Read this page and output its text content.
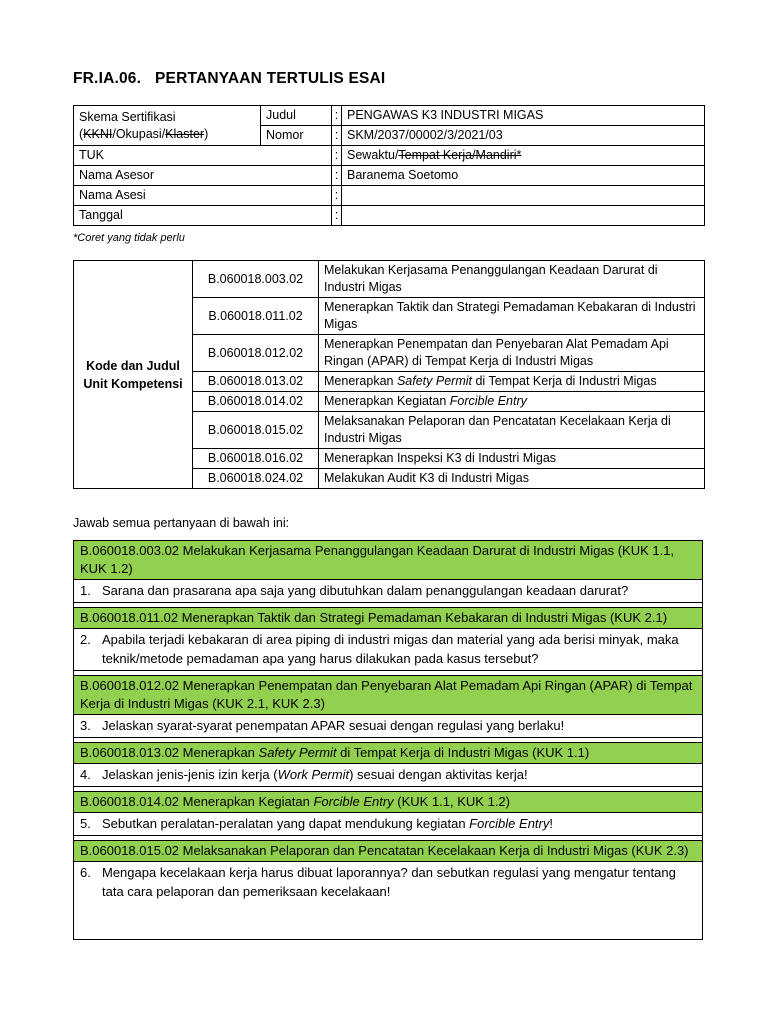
FR.IA.06. PERTANYAAN TERTULIS ESAI
Skema Sertifikasi
(KKNI/Okupasi/Klaster)	Judul	:	PENGAWAS K3 INDUSTRI MIGAS
	Nomor	:	SKM/2037/00002/3/2021/03
TUK		:	Sewaktu/Tempat Kerja/Mandiri*
Nama Asesor		:	Baranema Soetomo
Nama Asesi		:	
Tanggal		:	
*Coret yang tidak perlu
Kode dan Judul
Unit Kompetensi	B.060018.003.02	Melakukan Kerjasama Penanggulangan Keadaan Darurat di Industri Migas
	B.060018.011.02	Menerapkan Taktik dan Strategi Pemadaman Kebakaran di Industri Migas
	B.060018.012.02	Menerapkan Penempatan dan Penyebaran Alat Pemadam Api Ringan (APAR) di Tempat Kerja di Industri Migas
	B.060018.013.02	Menerapkan Safety Permit di Tempat Kerja di Industri Migas
	B.060018.014.02	Menerapkan Kegiatan Forcible Entry
	B.060018.015.02	Melaksanakan Pelaporan dan Pencatatan Kecelakaan Kerja di Industri Migas
	B.060018.016.02	Menerapkan Inspeksi K3 di Industri Migas
	B.060018.024.02	Melakukan Audit K3 di Industri Migas
Jawab semua pertanyaan di bawah ini:
B.060018.003.02 Melakukan Kerjasama Penanggulangan Keadaan Darurat di Industri Migas (KUK 1.1, KUK 1.2)
1. Sarana dan prasarana apa saja yang dibutuhkan dalam penanggulangan keadaan darurat?
B.060018.011.02 Menerapkan Taktik dan Strategi Pemadaman Kebakaran di Industri Migas (KUK 2.1)
2. Apabila terjadi kebakaran di area piping di industri migas dan material yang ada berisi minyak, maka teknik/metode pemadaman apa yang harus dilakukan pada kasus tersebut?
B.060018.012.02 Menerapkan Penempatan dan Penyebaran Alat Pemadam Api Ringan (APAR) di Tempat Kerja di Industri Migas (KUK 2.1, KUK 2.3)
3. Jelaskan syarat-syarat penempatan APAR sesuai dengan regulasi yang berlaku!
B.060018.013.02 Menerapkan Safety Permit di Tempat Kerja di Industri Migas (KUK 1.1)
4. Jelaskan jenis-jenis izin kerja (Work Permit) sesuai dengan aktivitas kerja!
B.060018.014.02 Menerapkan Kegiatan Forcible Entry (KUK 1.1, KUK 1.2)
5. Sebutkan peralatan-peralatan yang dapat mendukung kegiatan Forcible Entry!
B.060018.015.02 Melaksanakan Pelaporan dan Pencatatan Kecelakaan Kerja di Industri Migas (KUK 2.3)
6. Mengapa kecelakaan kerja harus dibuat laporannya? dan sebutkan regulasi yang mengatur tentang tata cara pelaporan dan pemeriksaan kecelakaan!
